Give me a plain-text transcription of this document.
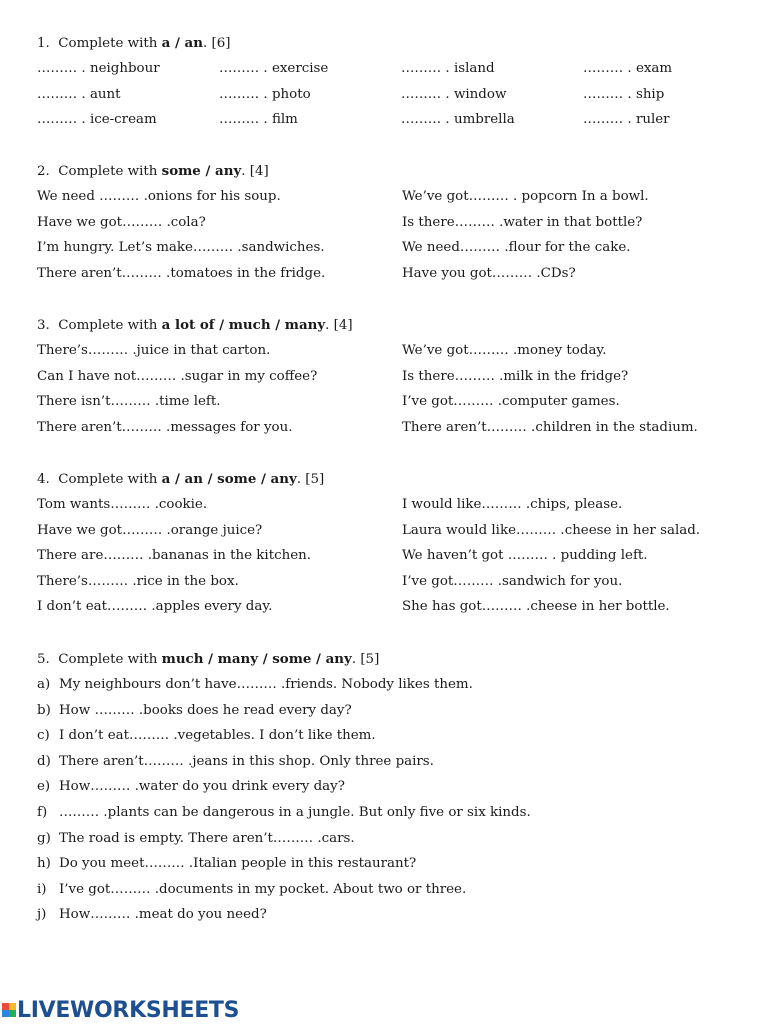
1. Complete with a / an. [6]
……… . neighbour	……… . exercise	……… . island	……… . exam
……… . aunt	……… . photo	……… . window	……… . ship
……… . ice-cream	……… . film	……… . umbrella	……… . ruler
2. Complete with some / any. [4]
We need ……… .onions for his soup.	We’ve got……… . popcorn In a bowl.
Have we got……… .cola?	Is there……… .water in that bottle?
I’m hungry. Let’s make……… .sandwiches.	We need……… .flour for the cake.
There aren’t……… .tomatoes in the fridge.	Have you got……… .CDs?
3. Complete with a lot of / much / many. [4]
There’s……… .juice in that carton.	We’ve got……… .money today.
Can I have not……… .sugar in my coffee?	Is there……… .milk in the fridge?
There isn’t……… .time left.	I’ve got……… .computer games.
There aren’t……… .messages for you.	There aren’t……… .children in the stadium.
4. Complete with a / an / some / any. [5]
Tom wants……… .cookie.	I would like……… .chips, please.
Have we got……… .orange juice?	Laura would like……… .cheese in her salad.
There are……… .bananas in the kitchen.	We haven’t got ……… . pudding left.
There’s……… .rice in the box.	I’ve got……… .sandwich for you.
I don’t eat……… .apples every day.	She has got……… .cheese in her bottle.
5. Complete with much / many / some / any. [5]
a) My neighbours don’t have……… .friends. Nobody likes them.
b) How ……… .books does he read every day?
c) I don’t eat……… .vegetables. I don’t like them.
d) There aren’t……… .jeans in this shop. Only three pairs.
e) How……… .water do you drink every day?
f) ……… .plants can be dangerous in a jungle. But only five or six kinds.
g) The road is empty. There aren’t……… .cars.
h) Do you meet……… .Italian people in this restaurant?
i) I’ve got……… .documents in my pocket. About two or three.
j) How……… .meat do you need?
LIVEWORKSHEETS
